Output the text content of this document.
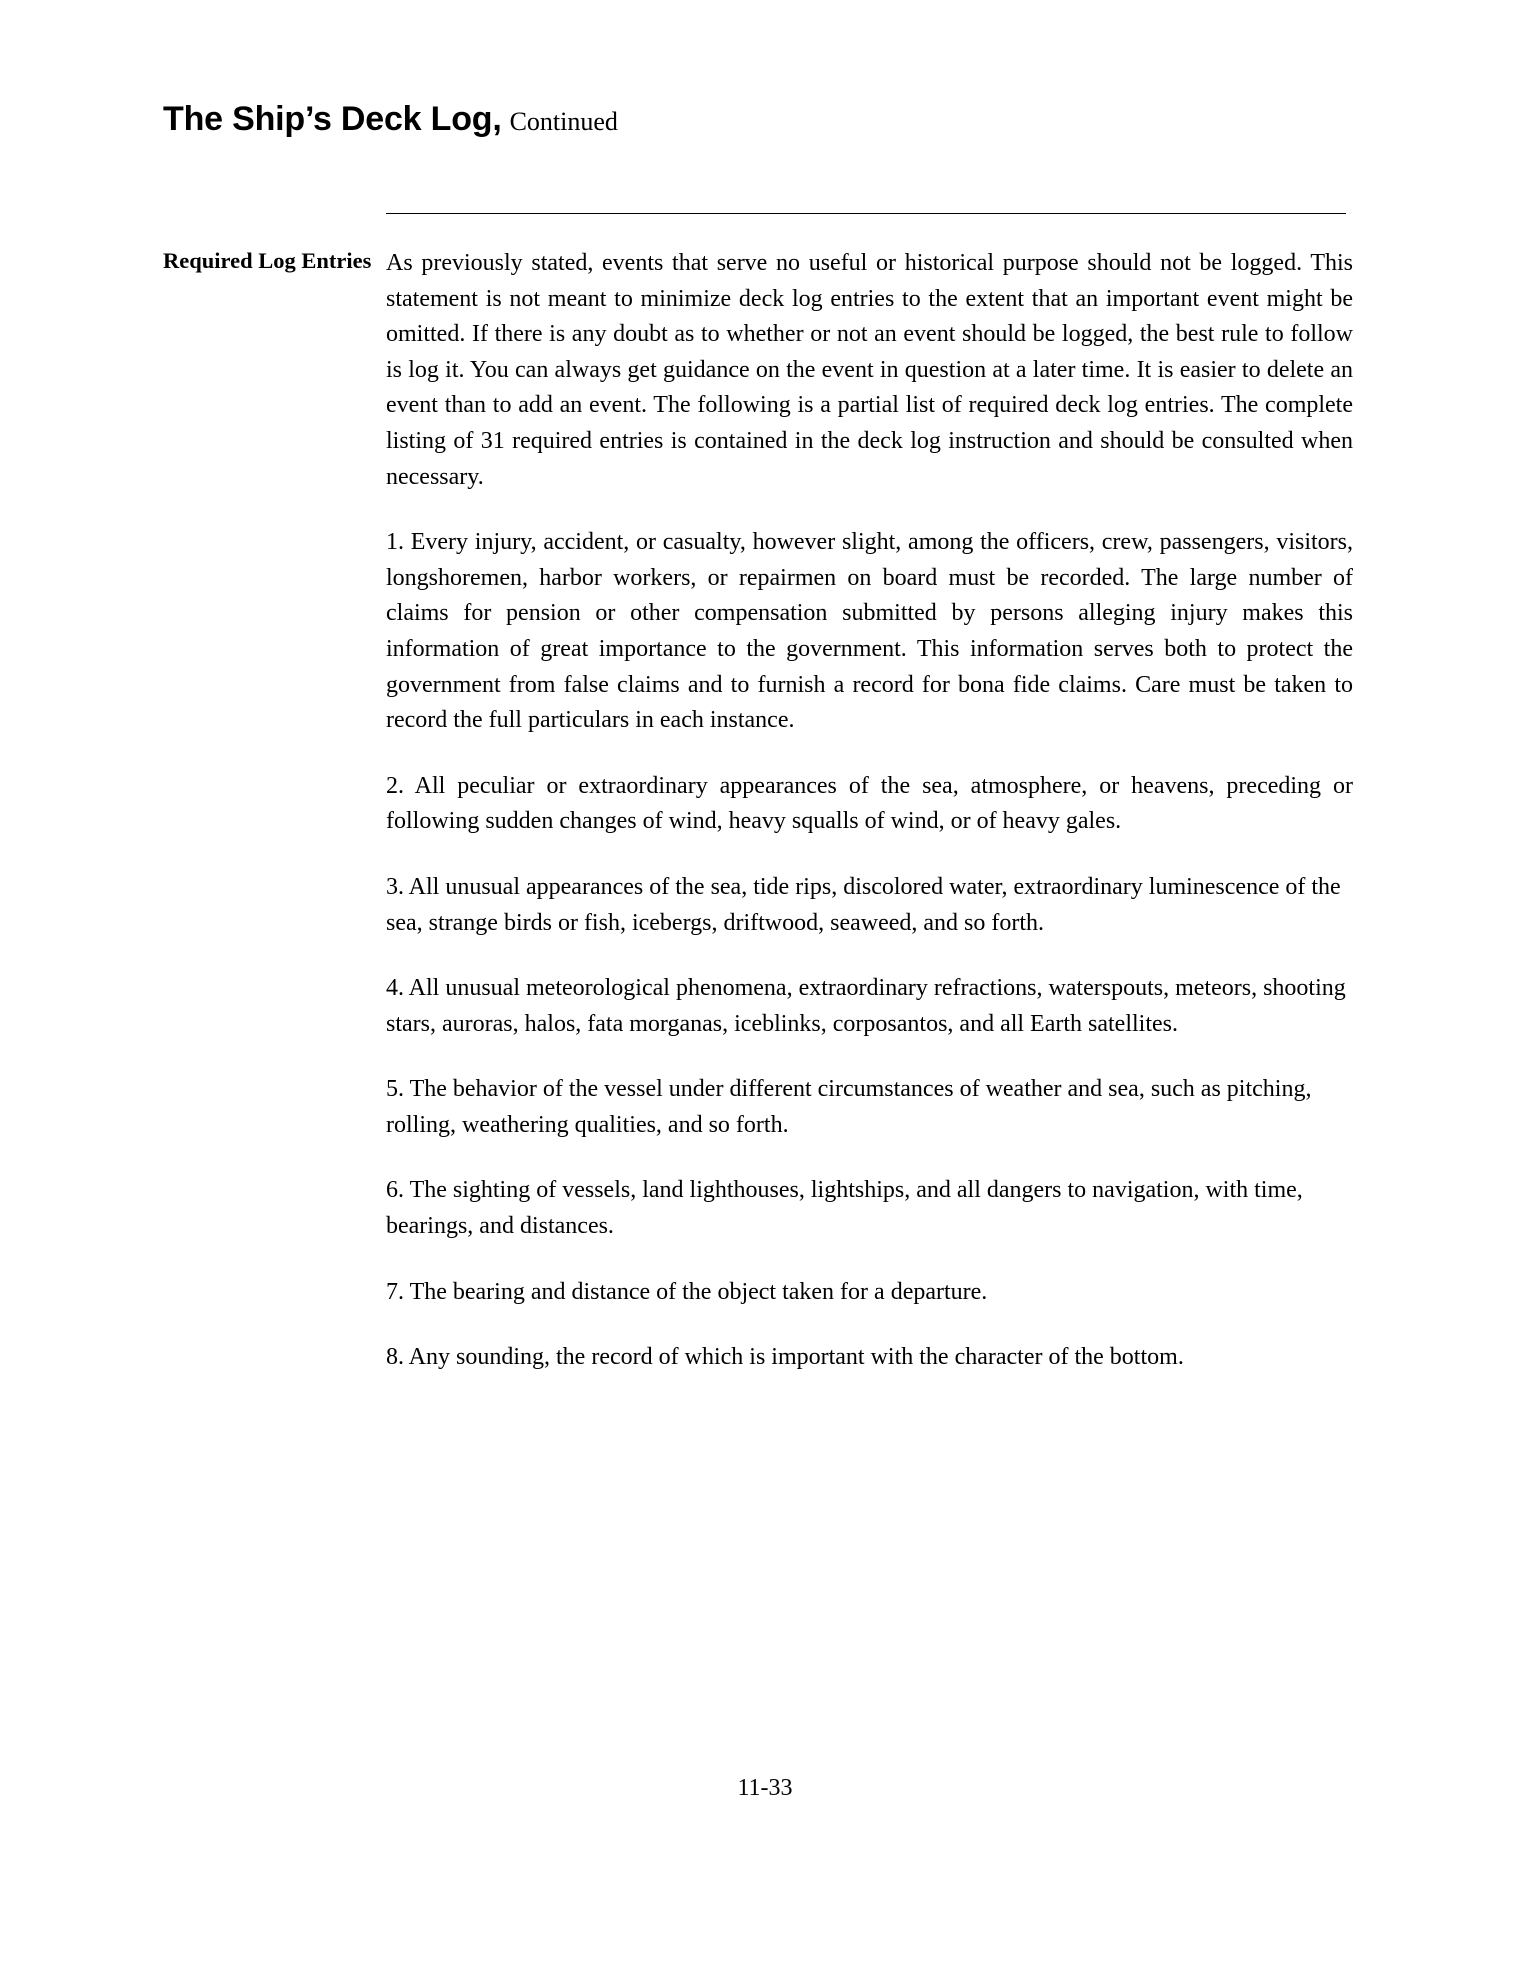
The Ship’s Deck Log, Continued
Required Log Entries As previously stated, events that serve no useful or historical purpose should not be logged. This statement is not meant to minimize deck log entries to the extent that an important event might be omitted. If there is any doubt as to whether or not an event should be logged, the best rule to follow is log it. You can always get guidance on the event in question at a later time. It is easier to delete an event than to add an event. The following is a partial list of required deck log entries. The complete listing of 31 required entries is contained in the deck log instruction and should be consulted when necessary.

1. Every injury, accident, or casualty, however slight, among the officers, crew, passengers, visitors, longshoremen, harbor workers, or repairmen on board must be recorded. The large number of claims for pension or other compensation submitted by persons alleging injury makes this information of great importance to the government. This information serves both to protect the government from false claims and to furnish a record for bona fide claims. Care must be taken to record the full particulars in each instance.

2. All peculiar or extraordinary appearances of the sea, atmosphere, or heavens, preceding or following sudden changes of wind, heavy squalls of wind, or of heavy gales.

3. All unusual appearances of the sea, tide rips, discolored water, extraordinary luminescence of the sea, strange birds or fish, icebergs, driftwood, seaweed, and so forth.

4. All unusual meteorological phenomena, extraordinary refractions, waterspouts, meteors, shooting stars, auroras, halos, fata morganas, iceblinks, corposantos, and all Earth satellites.

5. The behavior of the vessel under different circumstances of weather and sea, such as pitching, rolling, weathering qualities, and so forth.

6. The sighting of vessels, land lighthouses, lightships, and all dangers to navigation, with time, bearings, and distances.

7. The bearing and distance of the object taken for a departure.

8. Any sounding, the record of which is important with the character of the bottom.

11-33
